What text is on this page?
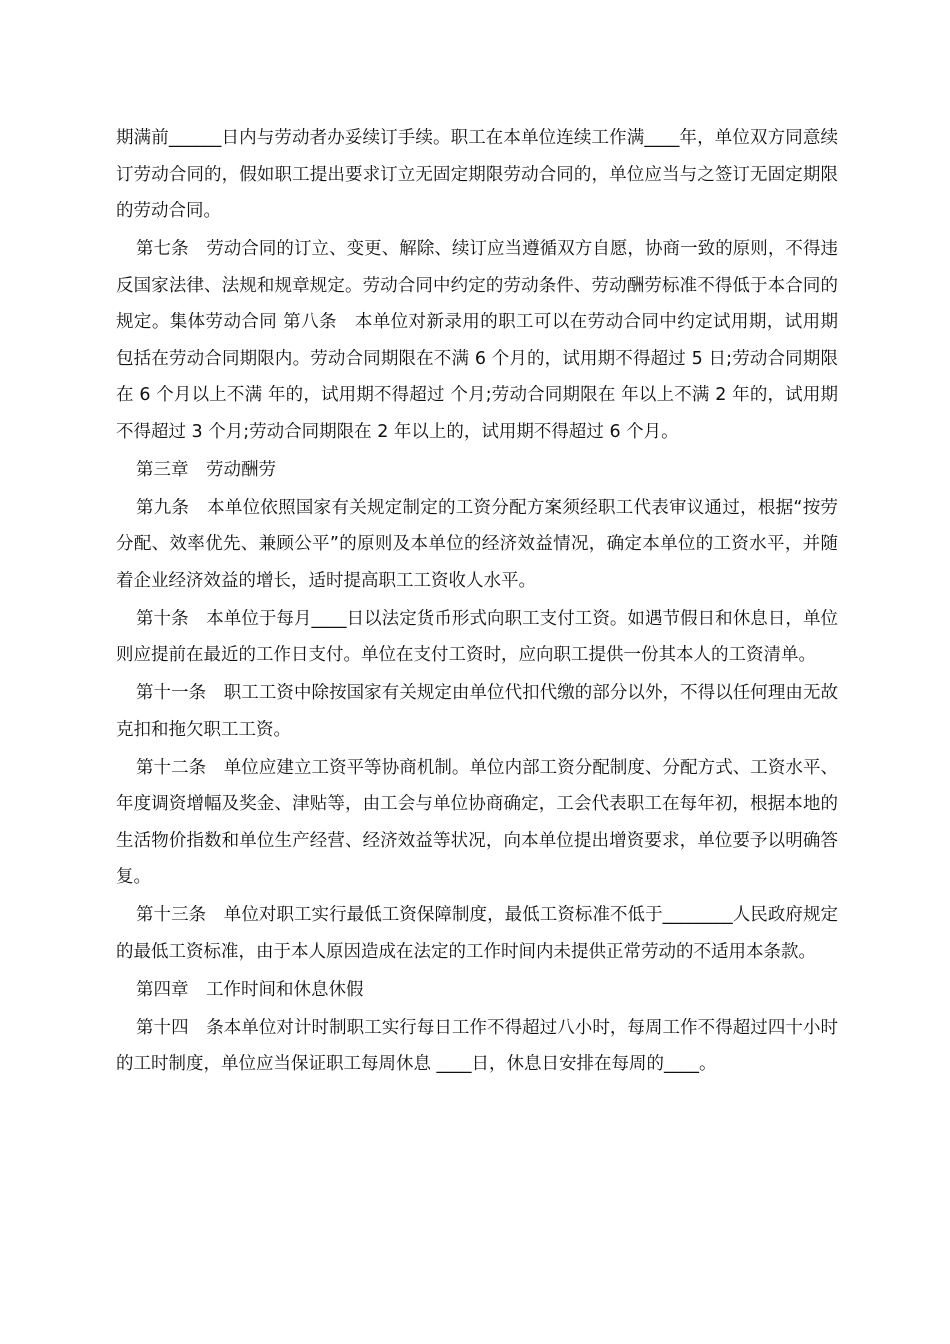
期满前______日内与劳动者办妥续订手续。职工在本单位连续工作满____年，单位双方同意续订劳动合同的，假如职工提出要求订立无固定期限劳动合同的，单位应当与之签订无固定期限的劳动合同。

第七条　劳动合同的订立、变更、解除、续订应当遵循双方自愿，协商一致的原则，不得违反国家法律、法规和规章规定。劳动合同中约定的劳动条件、劳动酬劳标准不得低于本合同的规定。集体劳动合同 第八条　本单位对新录用的职工可以在劳动合同中约定试用期，试用期包括在劳动合同期限内。劳动合同期限在不满 6 个月的，试用期不得超过 5 日;劳动合同期限在 6 个月以上不满 年的，试用期不得超过 个月;劳动合同期限在 年以上不满 2 年的，试用期不得超过 3 个月;劳动合同期限在 2 年以上的，试用期不得超过 6 个月。

第三章　劳动酬劳

第九条　本单位依照国家有关规定制定的工资分配方案须经职工代表审议通过，根据“按劳分配、效率优先、兼顾公平”的原则及本单位的经济效益情况，确定本单位的工资水平，并随着企业经济效益的增长，适时提高职工工资收人水平。

第十条　本单位于每月____日以法定货币形式向职工支付工资。如遇节假日和休息日，单位则应提前在最近的工作日支付。单位在支付工资时，应向职工提供一份其本人的工资清单。

第十一条　职工工资中除按国家有关规定由单位代扣代缴的部分以外，不得以任何理由无故克扣和拖欠职工工资。

第十二条　单位应建立工资平等协商机制。单位内部工资分配制度、分配方式、工资水平、年度调资增幅及奖金、津贴等，由工会与单位协商确定，工会代表职工在每年初，根据本地的生活物价指数和单位生产经营、经济效益等状况，向本单位提出增资要求，单位要予以明确答复。

第十三条　单位对职工实行最低工资保障制度，最低工资标准不低于________人民政府规定的最低工资标准，由于本人原因造成在法定的工作时间内未提供正常劳动的不适用本条款。

第四章　工作时间和休息休假

第十四　条本单位对计时制职工实行每日工作不得超过八小时，每周工作不得超过四十小时的工时制度，单位应当保证职工每周休息 ____日，休息日安排在每周的____。
